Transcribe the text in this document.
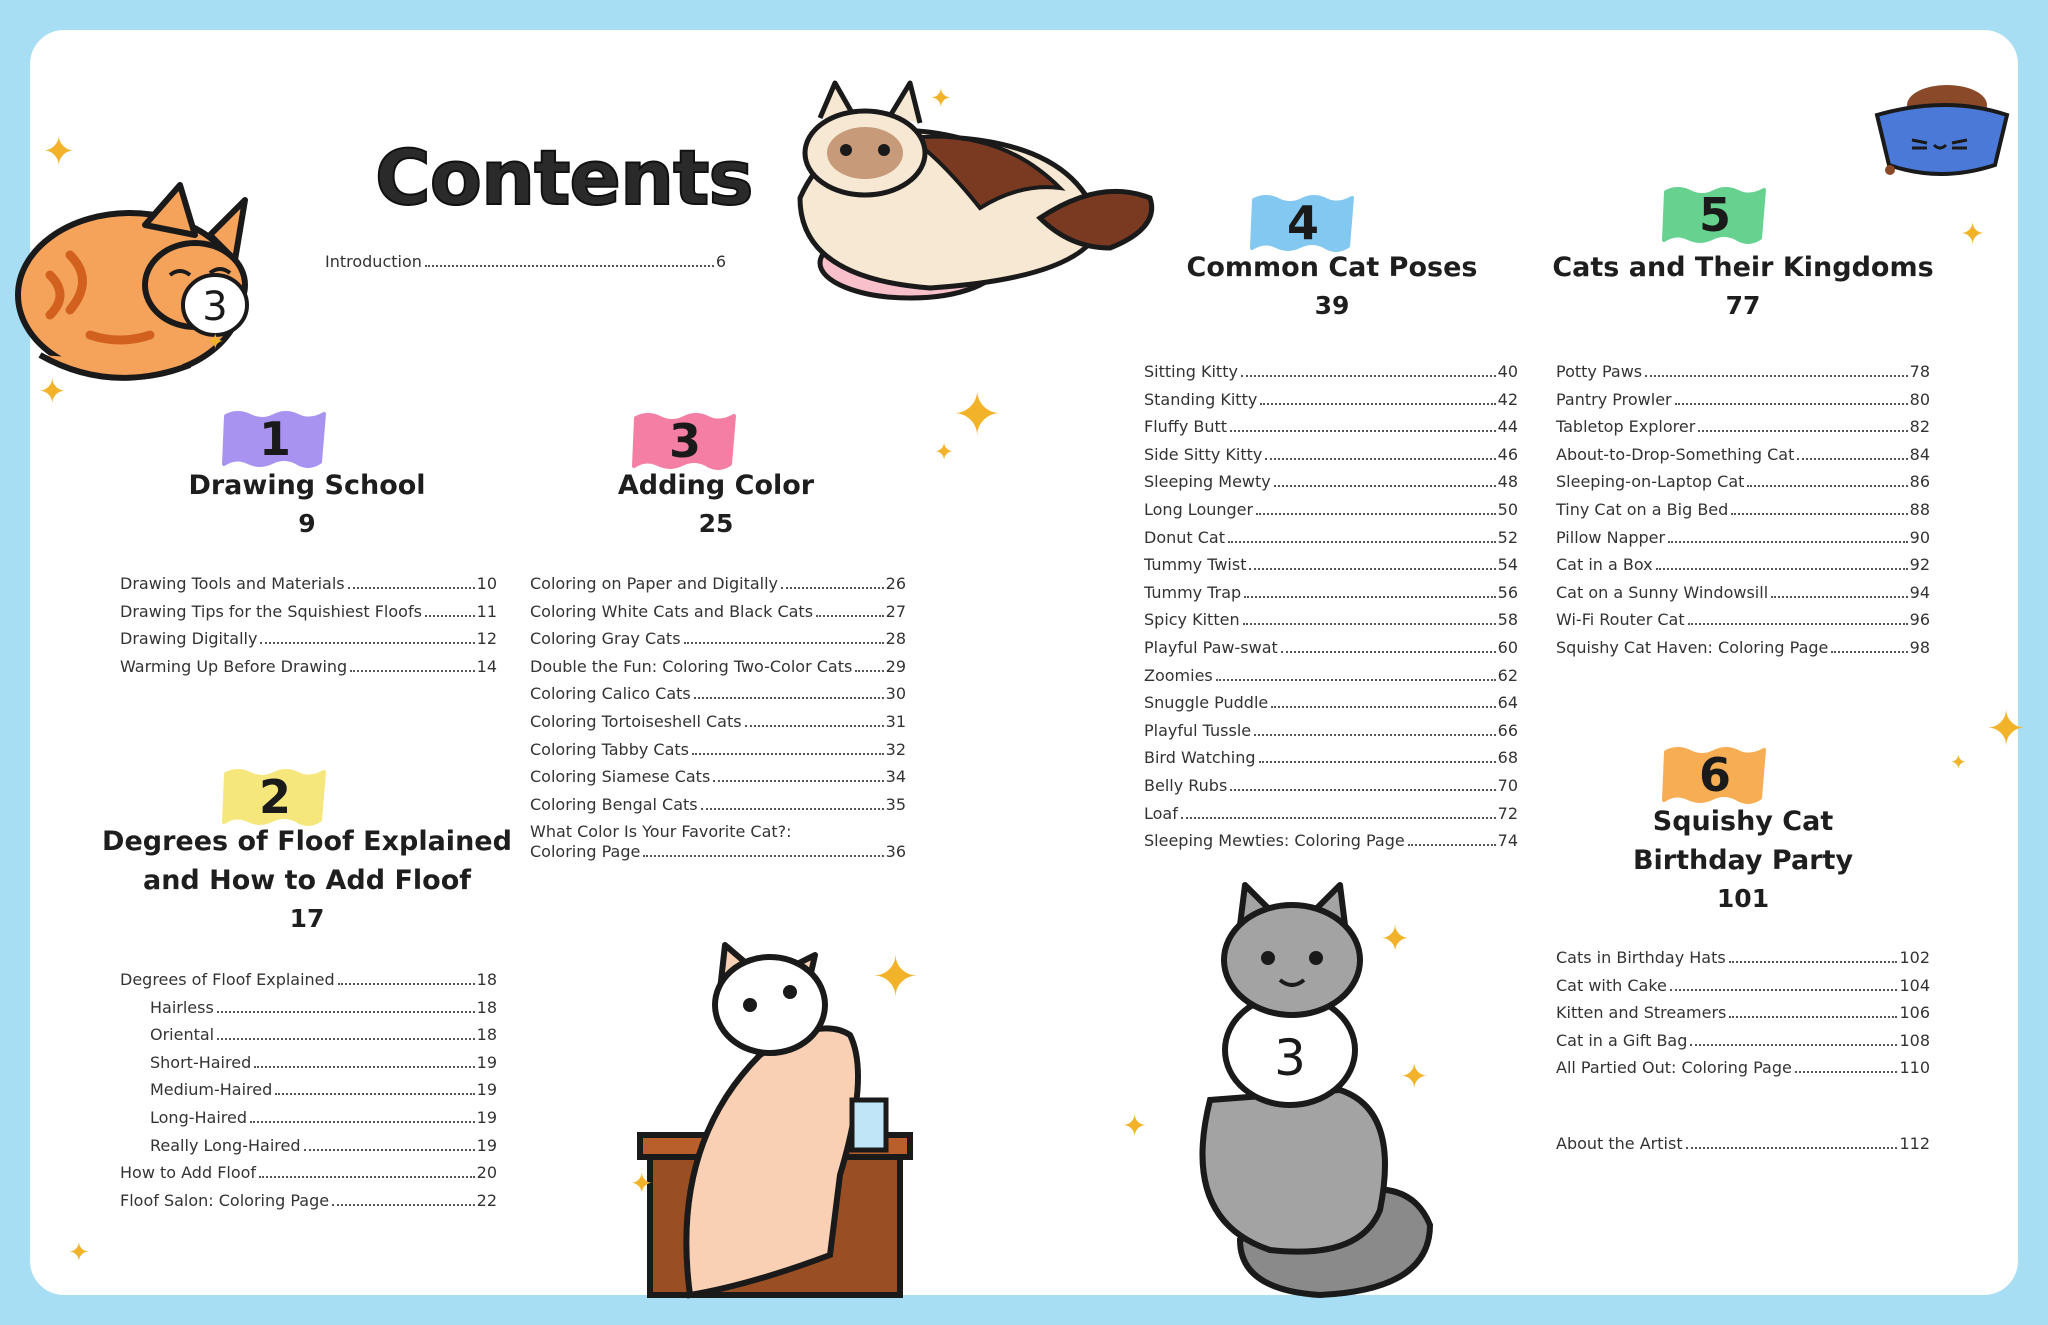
Contents
3
3
✦
✦
✦
✦
✦
✦
✦
✦
✦
✦
✦
✦
✦
✦
✦
Introduction	6
1
Drawing School
9
Drawing Tools and Materials	10
Drawing Tips for the Squishiest Floofs	11
Drawing Digitally	12
Warming Up Before Drawing	14
2
Degrees of Floof Explained
and How to Add Floof
17
Degrees of Floof Explained	18
Hairless	18
Oriental	18
Short-Haired	19
Medium-Haired	19
Long-Haired	19
Really Long-Haired	19
How to Add Floof	20
Floof Salon: Coloring Page	22
3
Adding Color
25
Coloring on Paper and Digitally	26
Coloring White Cats and Black Cats	27
Coloring Gray Cats	28
Double the Fun: Coloring Two-Color Cats 29
Coloring Calico Cats	30
Coloring Tortoiseshell Cats	31
Coloring Tabby Cats	32
Coloring Siamese Cats	34
Coloring Bengal Cats	35
What Color Is Your Favorite Cat?:
Coloring Page	36
4
Common Cat Poses
39
Sitting Kitty	40
Standing Kitty	42
Fluffy Butt	44
Side Sitty Kitty	46
Sleeping Mewty	48
Long Lounger	50
Donut Cat	52
Tummy Twist	54
Tummy Trap	56
Spicy Kitten	58
Playful Paw-swat	60
Zoomies	62
Snuggle Puddle	64
Playful Tussle	66
Bird Watching	68
Belly Rubs	70
Loaf	72
Sleeping Mewties: Coloring Page	74
5
Cats and Their Kingdoms
77
Potty Paws	78
Pantry Prowler	80
Tabletop Explorer	82
About-to-Drop-Something Cat	84
Sleeping-on-Laptop Cat	86
Tiny Cat on a Big Bed	88
Pillow Napper	90
Cat in a Box	92
Cat on a Sunny Windowsill	94
Wi-Fi Router Cat	96
Squishy Cat Haven: Coloring Page	98
6
Squishy Cat
Birthday Party
101
Cats in Birthday Hats	102
Cat with Cake	104
Kitten and Streamers	106
Cat in a Gift Bag	108
All Partied Out: Coloring Page	110
About the Artist	112
